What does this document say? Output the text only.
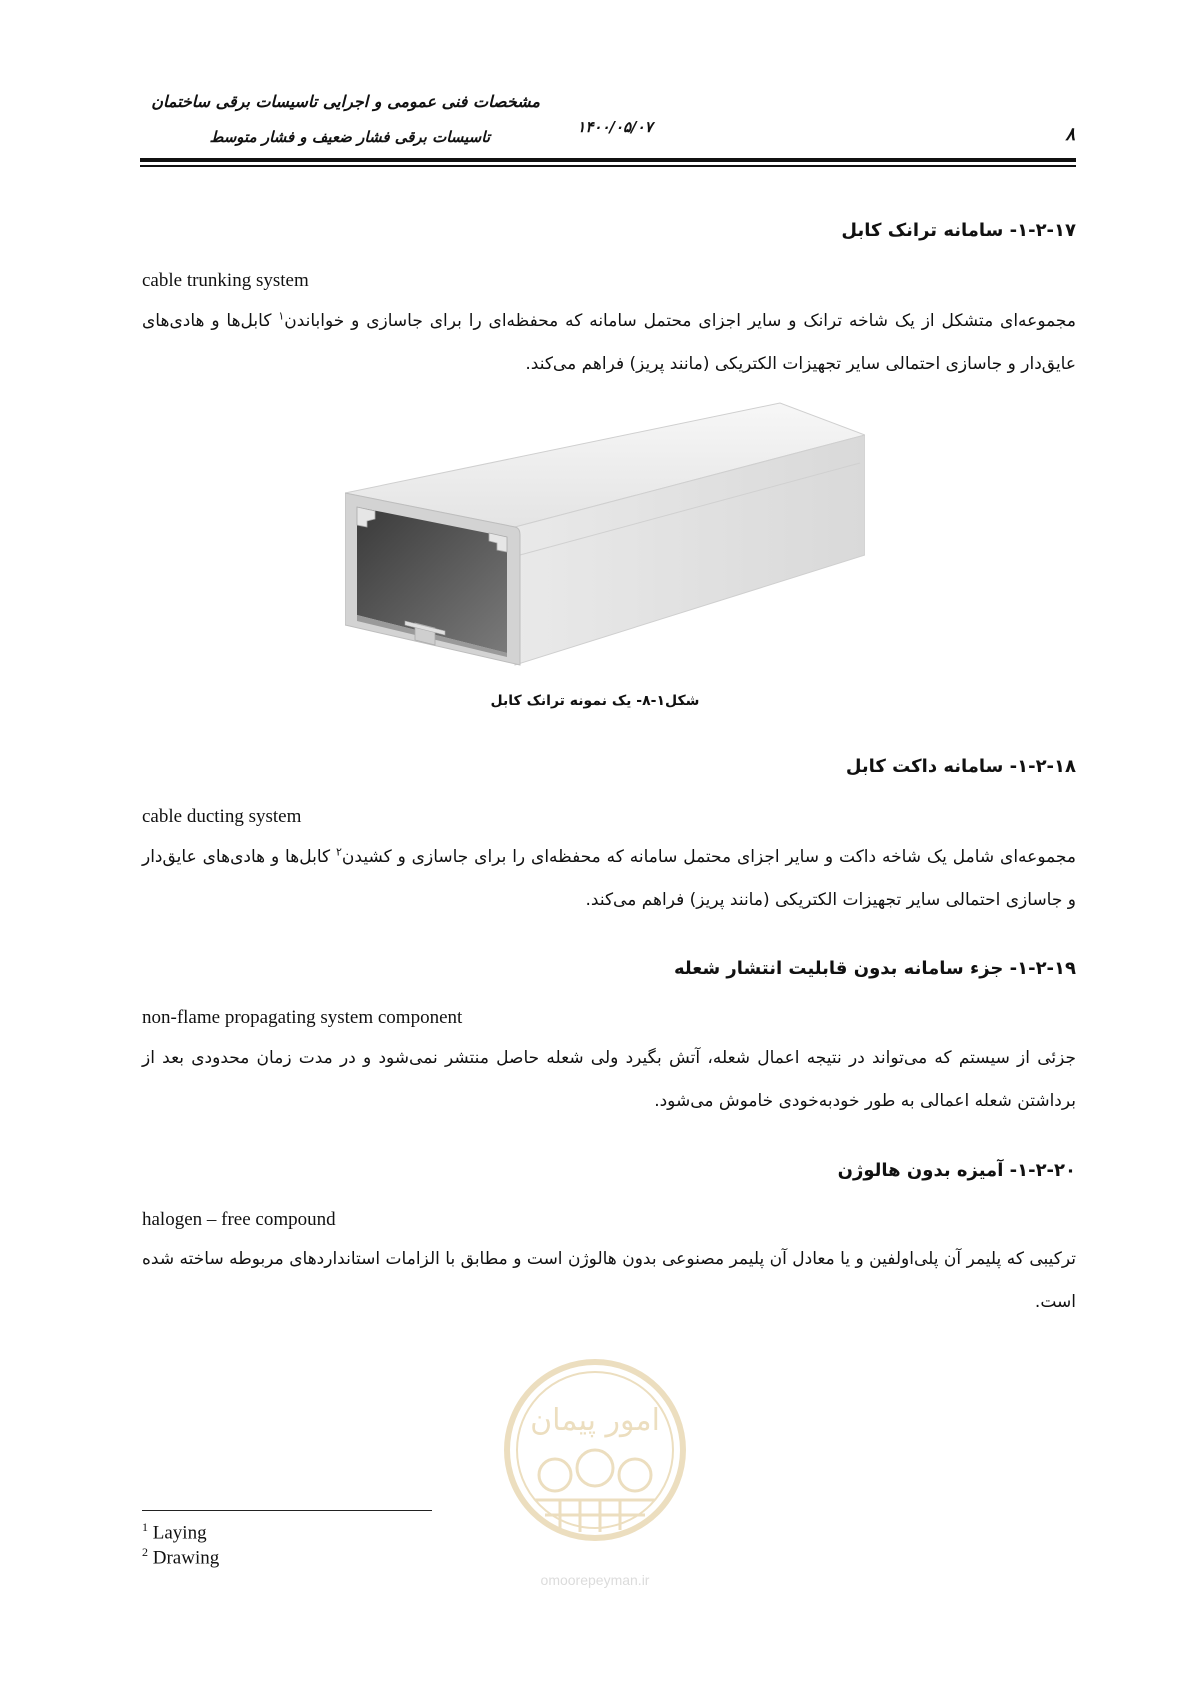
مشخصات فنی عمومی و اجرایی تاسیسات برقی ساختمان
تاسیسات برقی فشار ضعیف و فشار متوسط
۱۴۰۰/۰۵/۰۷	۸
۱-۲-۱۷- سامانه ترانک کابل
cable trunking system
مجموعه‌ای متشکل از یک شاخه ترانک و سایر اجزای محتمل سامانه که محفظه‌ای را برای جاسازی و خواباندن$^۱$ کابل‌ها و هادی‌های عایق‌دار و جاسازی احتمالی سایر تجهیزات الکتریکی (مانند پریز) فراهم می‌کند.
شکل۱-۸- یک نمونه ترانک کابل
۱-۲-۱۸- سامانه داکت کابل
cable ducting system
مجموعه‌ای شامل یک شاخه داکت و سایر اجزای محتمل سامانه که محفظه‌ای را برای جاسازی و کشیدن$^۲$ کابل‌ها و هادی‌های عایق‌دار و جاسازی احتمالی سایر تجهیزات الکتریکی (مانند پریز) فراهم می‌کند.
۱-۲-۱۹- جزء سامانه بدون قابلیت انتشار شعله
non-flame propagating system component
جزئی از سیستم که می‌تواند در نتیجه اعمال شعله، آتش بگیرد ولی شعله حاصل منتشر نمی‌شود و در مدت زمان محدودی بعد از برداشتن شعله اعمالی به طور خودبه‌خودی خاموش می‌شود.
۱-۲-۲۰- آمیزه بدون هالوژن
halogen – free compound
ترکیبی که پلیمر آن پلی‌اولفین و یا معادل آن پلیمر مصنوعی بدون هالوژن است و مطابق با الزامات استانداردهای مربوطه ساخته شده است.
امور پیمان
omoorepeyman.ir
$^1$ Laying
$^2$ Drawing
